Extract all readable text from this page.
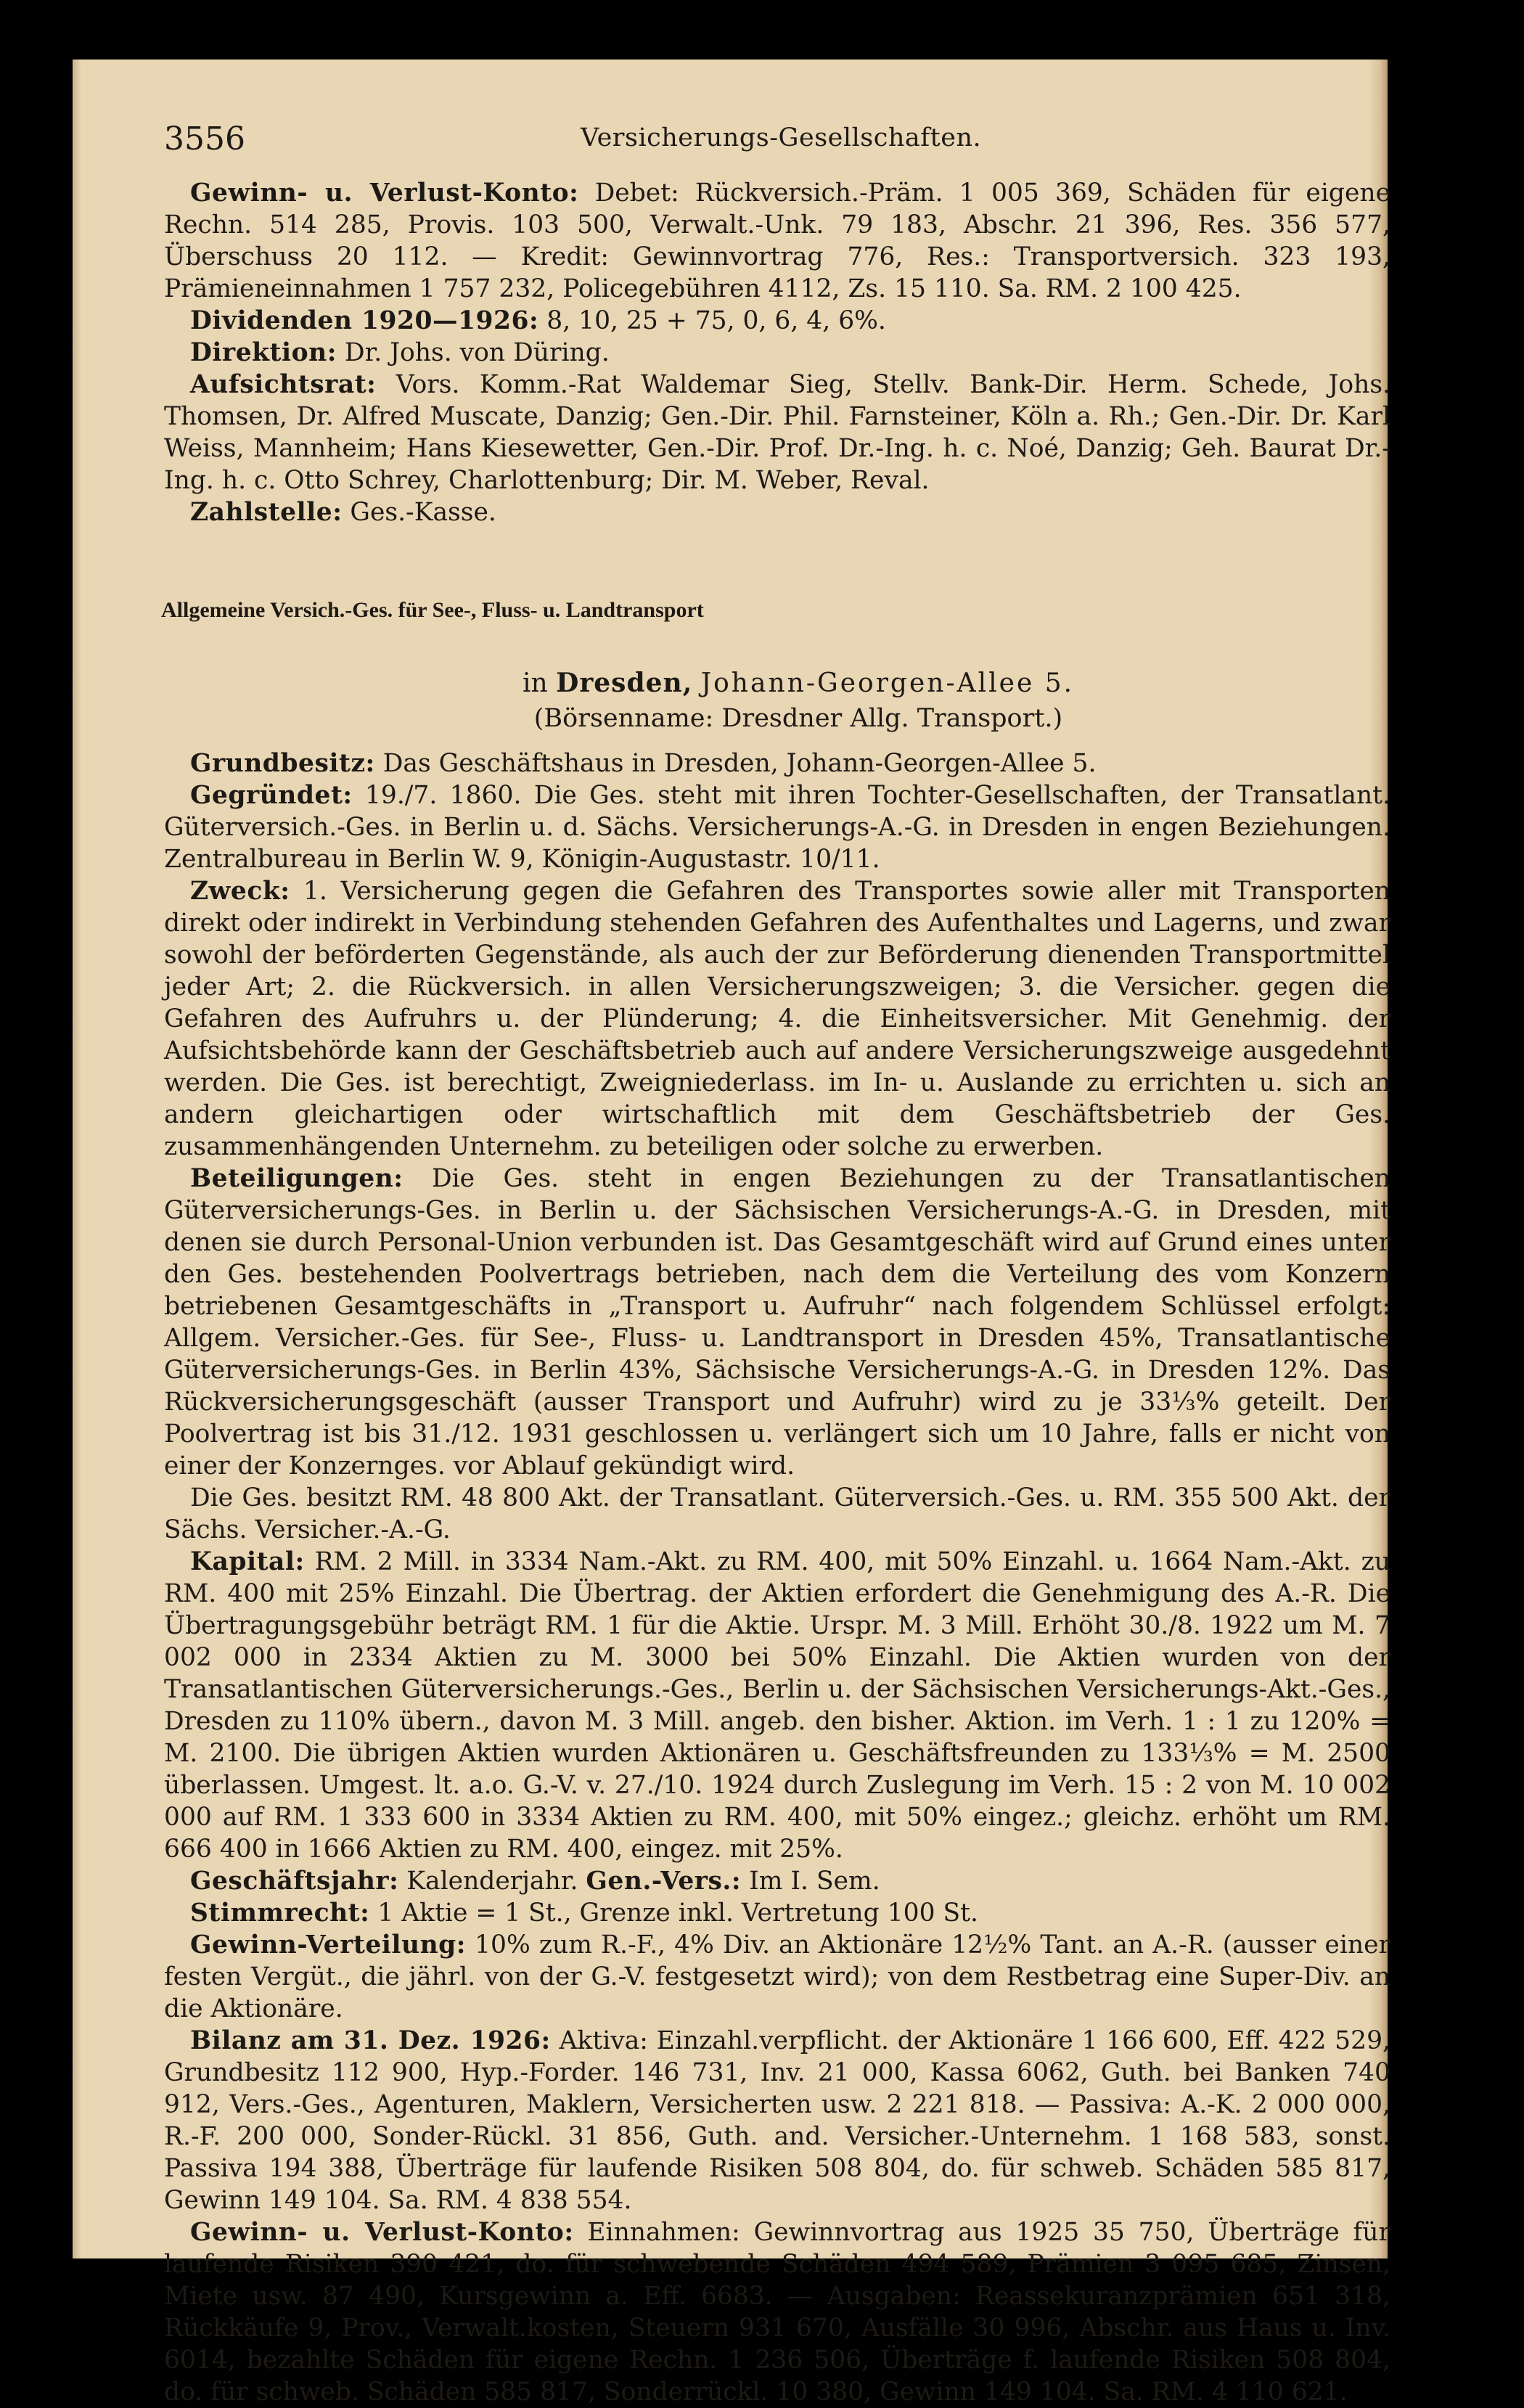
3556	Versicherungs-Gesellschaften.

Gewinn- u. Verlust-Konto: Debet: Rückversich.-Präm. 1 005 369, Schäden für eigene Rechn. 514 285, Provis. 103 500, Verwalt.-Unk. 79 183, Abschr. 21 396, Res. 356 577, Überschuss 20 112. — Kredit: Gewinnvortrag 776, Res.: Transportversich. 323 193, Prämieneinnahmen 1 757 232, Policegebühren 4112, Zs. 15 110. Sa. RM. 2 100 425.

Dividenden 1920—1926: 8, 10, 25 + 75, 0, 6, 4, 6%.

Direktion: Dr. Johs. von Düring.

Aufsichtsrat: Vors. Komm.-Rat Waldemar Sieg, Stellv. Bank-Dir. Herm. Schede, Johs. Thomsen, Dr. Alfred Muscate, Danzig; Gen.-Dir. Phil. Farnsteiner, Köln a. Rh.; Gen.-Dir. Dr. Karl Weiss, Mannheim; Hans Kiesewetter, Gen.-Dir. Prof. Dr.-Ing. h. c. Noé, Danzig; Geh. Baurat Dr.-Ing. h. c. Otto Schrey, Charlottenburg; Dir. M. Weber, Reval.

Zahlstelle: Ges.-Kasse.

Allgemeine Versich.-Ges. für See-, Fluss- u. Landtransport
in Dresden, Johann-Georgen-Allee 5.
(Börsenname: Dresdner Allg. Transport.)

Grundbesitz: Das Geschäftshaus in Dresden, Johann-Georgen-Allee 5.

Gegründet: 19./7. 1860. Die Ges. steht mit ihren Tochter-Gesellschaften, der Transatlant. Güterversich.-Ges. in Berlin u. d. Sächs. Versicherungs-A.-G. in Dresden in engen Beziehungen. Zentralbureau in Berlin W. 9, Königin-Augustastr. 10/11.

Zweck: 1. Versicherung gegen die Gefahren des Transportes sowie aller mit Transporten direkt oder indirekt in Verbindung stehenden Gefahren des Aufenthaltes und Lagerns, und zwar sowohl der beförderten Gegenstände, als auch der zur Beförderung dienenden Transportmittel jeder Art; 2. die Rückversich. in allen Versicherungszweigen; 3. die Versicher. gegen die Gefahren des Aufruhrs u. der Plünderung; 4. die Einheitsversicher. Mit Genehmig. der Aufsichtsbehörde kann der Geschäftsbetrieb auch auf andere Versicherungszweige ausgedehnt werden. Die Ges. ist berechtigt, Zweigniederlass. im In- u. Auslande zu errichten u. sich an andern gleichartigen oder wirtschaftlich mit dem Geschäftsbetrieb der Ges. zusammenhängenden Unternehm. zu beteiligen oder solche zu erwerben.

Beteiligungen: Die Ges. steht in engen Beziehungen zu der Transatlantischen Güterversicherungs-Ges. in Berlin u. der Sächsischen Versicherungs-A.-G. in Dresden, mit denen sie durch Personal-Union verbunden ist. Das Gesamtgeschäft wird auf Grund eines unter den Ges. bestehenden Poolvertrags betrieben, nach dem die Verteilung des vom Konzern betriebenen Gesamtgeschäfts in „Transport u. Aufruhr“ nach folgendem Schlüssel erfolgt: Allgem. Versicher.-Ges. für See-, Fluss- u. Landtransport in Dresden 45%, Transatlantische Güterversicherungs-Ges. in Berlin 43%, Sächsische Versicherungs-A.-G. in Dresden 12%. Das Rückversicherungsgeschäft (ausser Transport und Aufruhr) wird zu je 33⅓% geteilt. Der Poolvertrag ist bis 31./12. 1931 geschlossen u. verlängert sich um 10 Jahre, falls er nicht von einer der Konzernges. vor Ablauf gekündigt wird.

Die Ges. besitzt RM. 48 800 Akt. der Transatlant. Güterversich.-Ges. u. RM. 355 500 Akt. der Sächs. Versicher.-A.-G.

Kapital: RM. 2 Mill. in 3334 Nam.-Akt. zu RM. 400, mit 50% Einzahl. u. 1664 Nam.-Akt. zu RM. 400 mit 25% Einzahl. Die Übertrag. der Aktien erfordert die Genehmigung des A.-R. Die Übertragungsgebühr beträgt RM. 1 für die Aktie. Urspr. M. 3 Mill. Erhöht 30./8. 1922 um M. 7 002 000 in 2334 Aktien zu M. 3000 bei 50% Einzahl. Die Aktien wurden von der Transatlantischen Güterversicherungs.-Ges., Berlin u. der Sächsischen Versicherungs-Akt.-Ges., Dresden zu 110% übern., davon M. 3 Mill. angeb. den bisher. Aktion. im Verh. 1 : 1 zu 120% = M. 2100. Die übrigen Aktien wurden Aktionären u. Geschäftsfreunden zu 133⅓% = M. 2500 überlassen. Umgest. lt. a.o. G.-V. v. 27./10. 1924 durch Zuslegung im Verh. 15 : 2 von M. 10 002 000 auf RM. 1 333 600 in 3334 Aktien zu RM. 400, mit 50% eingez.; gleichz. erhöht um RM. 666 400 in 1666 Aktien zu RM. 400, eingez. mit 25%.

Geschäftsjahr: Kalenderjahr. Gen.-Vers.: Im I. Sem.

Stimmrecht: 1 Aktie = 1 St., Grenze inkl. Vertretung 100 St.

Gewinn-Verteilung: 10% zum R.-F., 4% Div. an Aktionäre 12½% Tant. an A.-R. (ausser einer festen Vergüt., die jährl. von der G.-V. festgesetzt wird); von dem Restbetrag eine Super-Div. an die Aktionäre.

Bilanz am 31. Dez. 1926: Aktiva: Einzahl.verpflicht. der Aktionäre 1 166 600, Eff. 422 529, Grundbesitz 112 900, Hyp.-Forder. 146 731, Inv. 21 000, Kassa 6062, Guth. bei Banken 740 912, Vers.-Ges., Agenturen, Maklern, Versicherten usw. 2 221 818. — Passiva: A.-K. 2 000 000, R.-F. 200 000, Sonder-Rückl. 31 856, Guth. and. Versicher.-Unternehm. 1 168 583, sonst. Passiva 194 388, Überträge für laufende Risiken 508 804, do. für schweb. Schäden 585 817, Gewinn 149 104. Sa. RM. 4 838 554.

Gewinn- u. Verlust-Konto: Einnahmen: Gewinnvortrag aus 1925 35 750, Überträge für laufende Risiken 390 421, do. für schwebende Schäden 494 589, Prämien 3 095 685, Zinsen, Miete usw. 87 490, Kursgewinn a. Eff. 6683. — Ausgaben: Reassekuranzprämien 651 318, Rückkäufe 9, Prov., Verwalt.kosten, Steuern 931 670, Ausfälle 30 996, Abschr. aus Haus u. Inv. 6014, bezahlte Schäden für eigene Rechn. 1 236 506, Überträge f. laufende Risiken 508 804, do. für schweb. Schäden 585 817, Sonderrückl. 10 380, Gewinn 149 104. Sa. RM. 4 110 621.
